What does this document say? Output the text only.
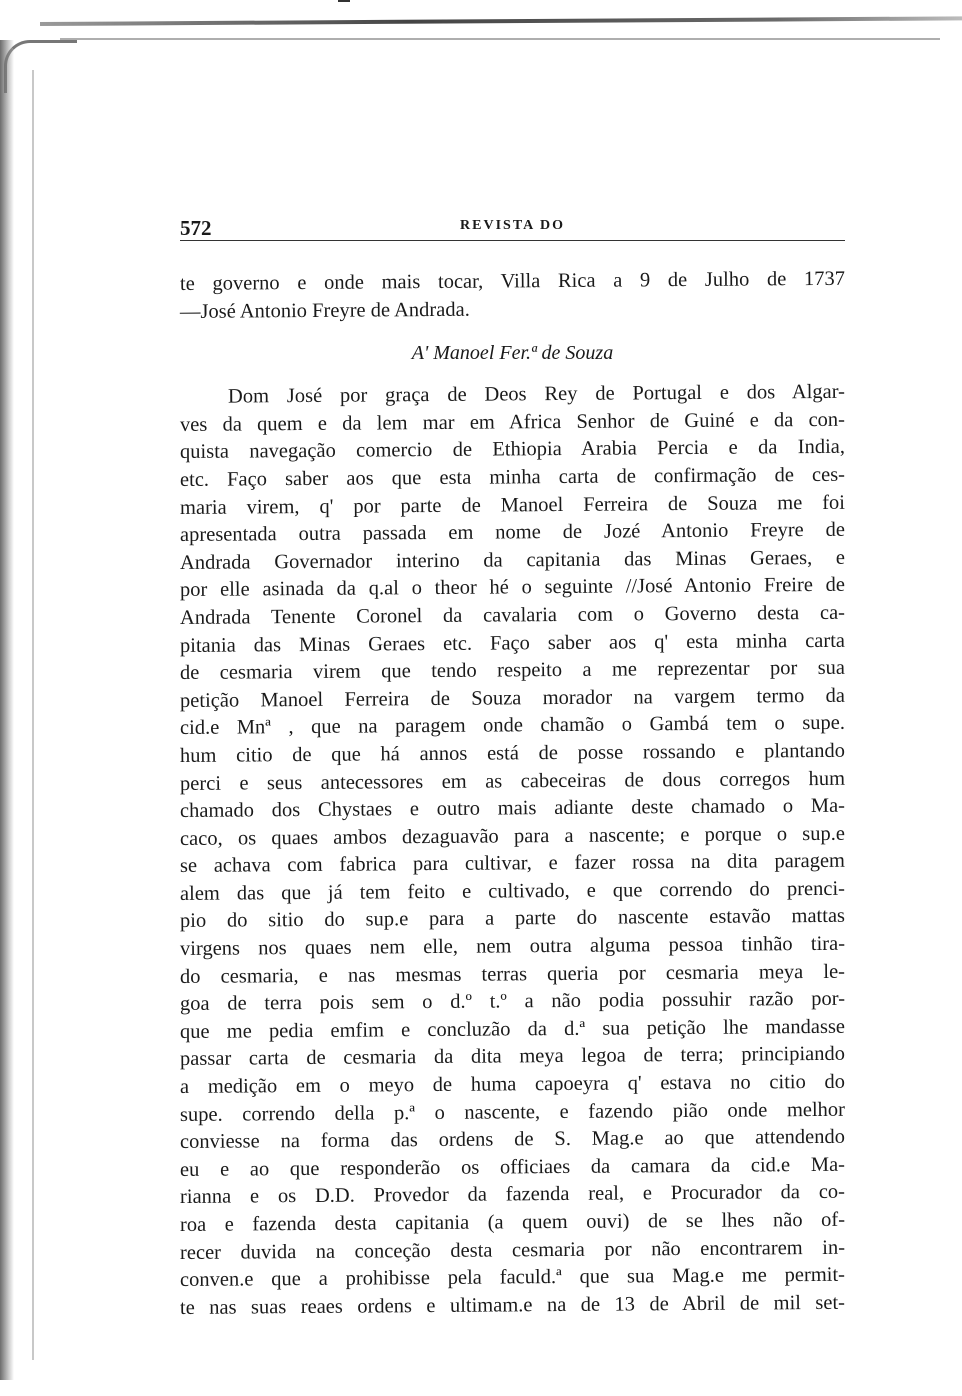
572	REVISTA DO
te governo e onde mais tocar, Villa Rica a 9 de Julho de 1737
—José Antonio Freyre de Andrada.
A' Manoel Fer.ª de Souza
Dom José por graça de Deos Rey de Portugal e dos Algar-
ves da quem e da lem mar em Africa Senhor de Guiné e da con-
quista navegação comercio de Ethiopia Arabia Percia e da India,
etc. Faço saber aos que esta minha carta de confirmação de ces-
maria virem, q' por parte de Manoel Ferreira de Souza me foi
apresentada outra passada em nome de Jozé Antonio Freyre de
Andrada Governador interino da capitania das Minas Geraes, e
por elle asinada da q.al o theor hé o seguinte //José Antonio Freire de
Andrada Tenente Coronel da cavalaria com o Governo desta ca-
pitania das Minas Geraes etc. Faço saber aos q' esta minha carta
de cesmaria virem que tendo respeito a me reprezentar por sua
petição Manoel Ferreira de Souza morador na vargem termo da
cid.e Mnª , que na paragem onde chamão o Gambá tem o supe.
hum citio de que há annos está de posse rossando e plantando
perci e seus antecessores em as cabeceiras de dous corregos hum
chamado dos Chystaes e outro mais adiante deste chamado o Ma-
caco, os quaes ambos dezaguavão para a nascente; e porque o sup.e
se achava com fabrica para cultivar, e fazer rossa na dita paragem
alem das que já tem feito e cultivado, e que correndo do prenci-
pio do sitio do sup.e para a parte do nascente estavão mattas
virgens nos quaes nem elle, nem outra alguma pessoa tinhão tira-
do cesmaria, e nas mesmas terras queria por cesmaria meya le-
goa de terra pois sem o d.º t.º a não podia possuhir razão por-
que me pedia emfim e concluzão da d.ª sua petição lhe mandasse
passar carta de cesmaria da dita meya legoa de terra; principiando
a medição em o meyo de huma capoeyra q' estava no citio do
supe. correndo della p.ª o nascente, e fazendo pião onde melhor
conviesse na forma das ordens de S. Mag.e ao que attendendo
eu e ao que responderão os officiaes da camara da cid.e Ma-
rianna e os D.D. Provedor da fazenda real, e Procurador da co-
roa e fazenda desta capitania (a quem ouvi) de se lhes não of-
recer duvida na conceção desta cesmaria por não encontrarem in-
conven.e que a prohibisse pela faculd.ª que sua Mag.e me permit-
te nas suas reaes ordens e ultimam.e na de 13 de Abril de mil set-
